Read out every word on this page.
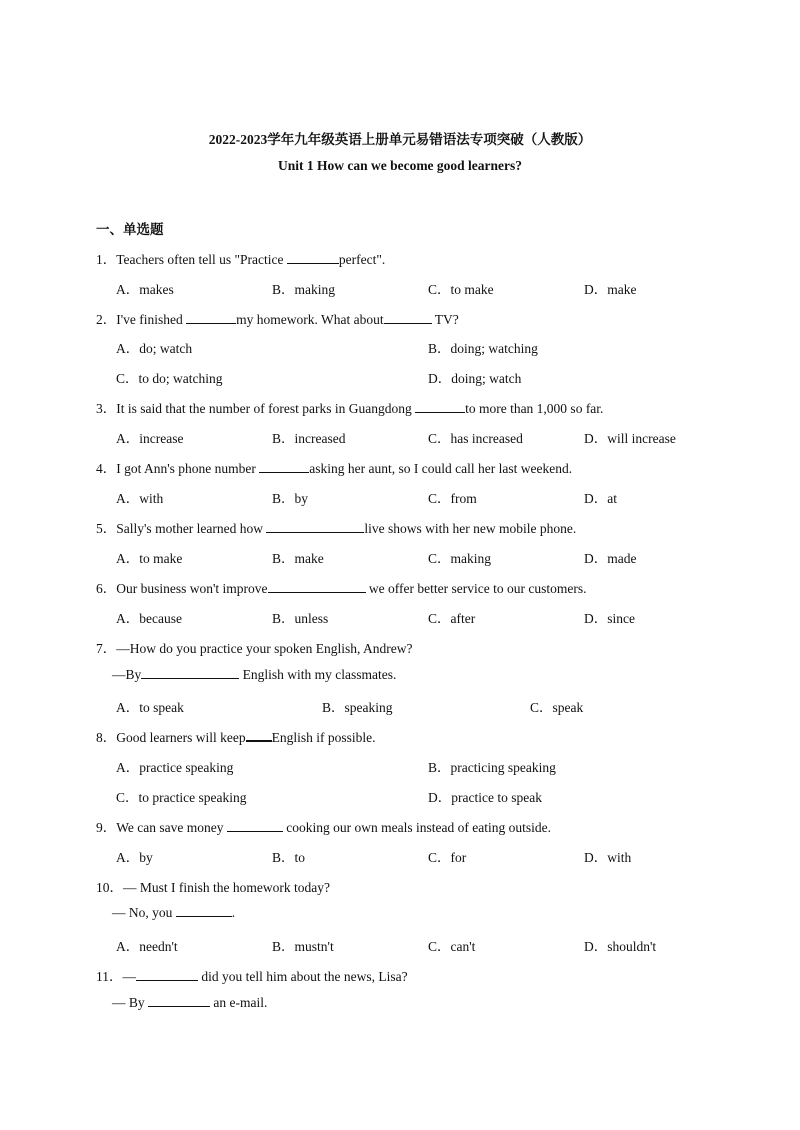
2022-2023学年九年级英语上册单元易错语法专项突破（人教版）
Unit 1 How can we become good learners?
一、单选题
1．Teachers often tell us "Practice	perfect".
A．makes	B．making	C．to make	D．make
2．I've finished	my homework. What about	TV?
A．do; watch	B．doing; watching
C．to do; watching	D．doing; watch
3．It is said that the number of forest parks in Guangdong	to more than 1,000 so far.
A．increase	B．increased	C．has increased	D．will increase
4．I got Ann's phone number	asking her aunt, so I could call her last weekend.
A．with	B．by	C．from	D．at
5．Sally's mother learned how	live shows with her new mobile phone.
A．to make	B．make	C．making	D．made
6．Our business won't improve	we offer better service to our customers.
A．because	B．unless	C．after	D．since
7．—How do you practice your spoken English, Andrew?
—By	English with my classmates.
A．to speak	B．speaking	C．speak
8．Good learners will keep English if possible.
A．practice speaking	B．practicing speaking
C．to practice speaking	D．practice to speak
9．We can save money	cooking our own meals instead of eating outside.
A．by	B．to	C．for	D．with
10．— Must I finish the homework today?
— No, you	.
A．needn't	B．mustn't	C．can't	D．shouldn't
11．—	did you tell him about the news, Lisa?
— By	an e-mail.
